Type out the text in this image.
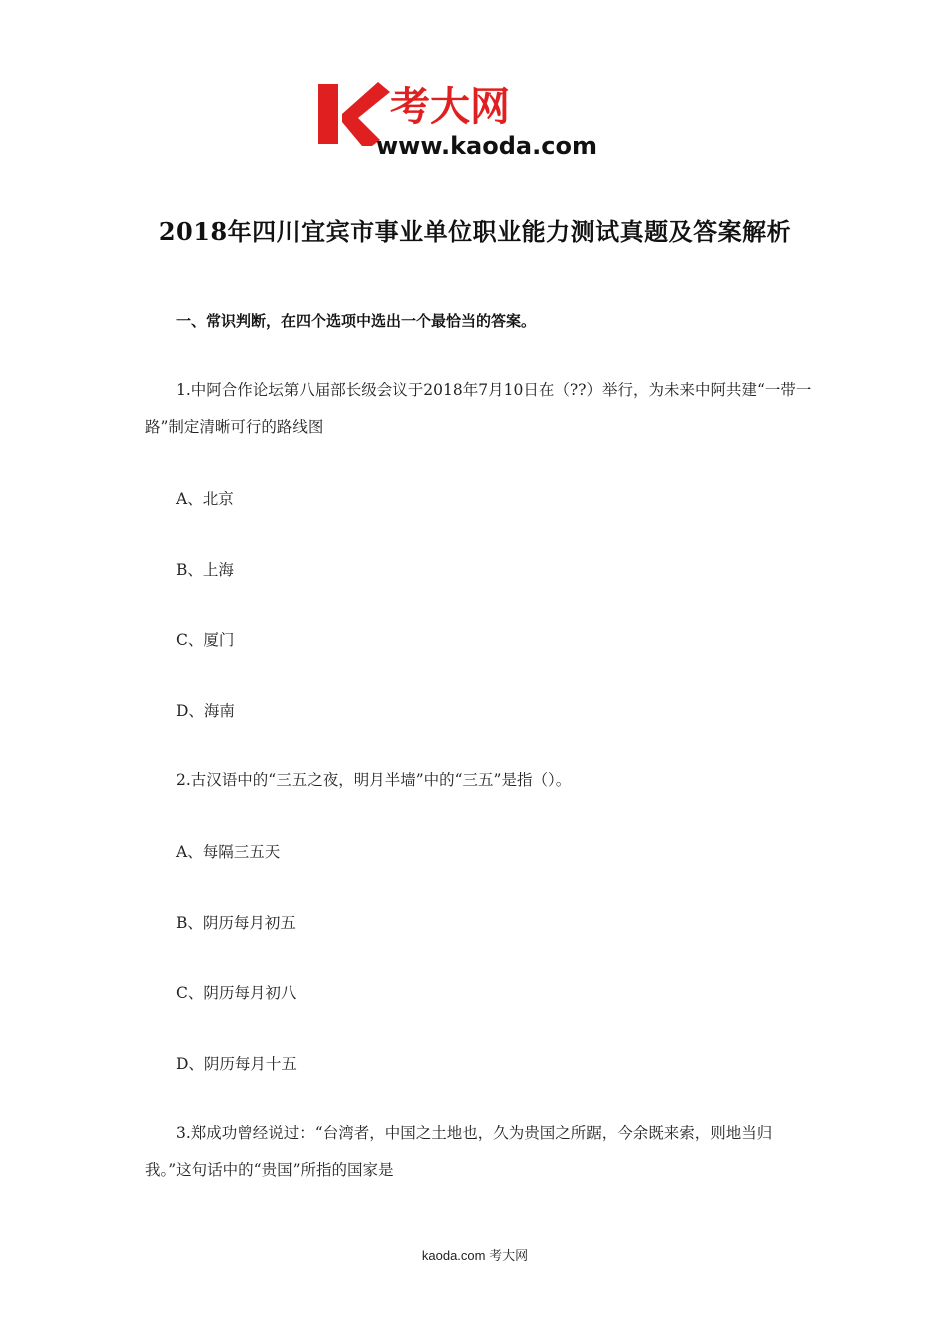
考大网
www.kaoda.com
2018年四川宜宾市事业单位职业能力测试真题及答案解析
一、常识判断，在四个选项中选出一个最恰当的答案。
1.中阿合作论坛第八届部长级会议于2018年7月10日在（??）举行，为未来中阿共建“一带一路”制定清晰可行的路线图
A、北京
B、上海
C、厦门
D、海南
2.古汉语中的“三五之夜，明月半墙”中的“三五”是指（）。
A、每隔三五天
B、阴历每月初五
C、阴历每月初八
D、阴历每月十五
3.郑成功曾经说过：“台湾者，中国之土地也，久为贵国之所踞，今余既来索，则地当归我。”这句话中的“贵国”所指的国家是
kaoda.com 考大网
